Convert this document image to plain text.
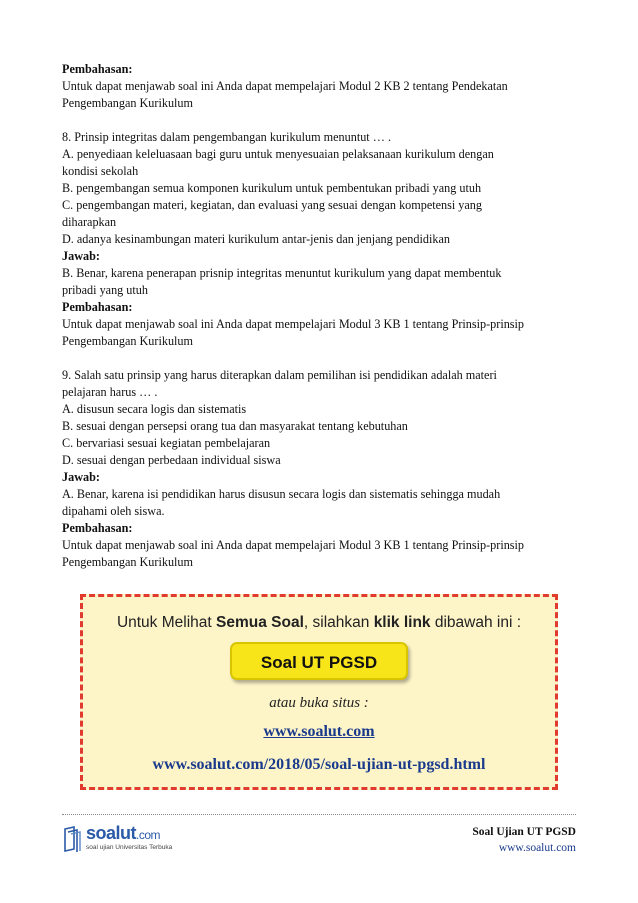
Pembahasan:

Untuk dapat menjawab soal ini Anda dapat mempelajari Modul 2 KB 2 tentang Pendekatan

Pengembangan Kurikulum

8. Prinsip integritas dalam pengembangan kurikulum menuntut … .

A. penyediaan keleluasaan bagi guru untuk menyesuaian pelaksanaan kurikulum dengan

kondisi sekolah

B. pengembangan semua komponen kurikulum untuk pembentukan pribadi yang utuh

C. pengembangan materi, kegiatan, dan evaluasi yang sesuai dengan kompetensi yang

diharapkan

D. adanya kesinambungan materi kurikulum antar-jenis dan jenjang pendidikan

Jawab:

B. Benar, karena penerapan prisnip integritas menuntut kurikulum yang dapat membentuk

pribadi yang utuh

Pembahasan:

Untuk dapat menjawab soal ini Anda dapat mempelajari Modul 3 KB 1 tentang Prinsip-prinsip

Pengembangan Kurikulum

9. Salah satu prinsip yang harus diterapkan dalam pemilihan isi pendidikan adalah materi

pelajaran harus … .

A. disusun secara logis dan sistematis

B. sesuai dengan persepsi orang tua dan masyarakat tentang kebutuhan

C. bervariasi sesuai kegiatan pembelajaran

D. sesuai dengan perbedaan individual siswa

Jawab:

A. Benar, karena isi pendidikan harus disusun secara logis dan sistematis sehingga mudah

dipahami oleh siswa.

Pembahasan:

Untuk dapat menjawab soal ini Anda dapat mempelajari Modul 3 KB 1 tentang Prinsip-prinsip

Pengembangan Kurikulum

Untuk Melihat Semua Soal, silahkan klik link dibawah ini :
Soal UT PGSD
atau buka situs :
www.soalut.com
www.soalut.com/2018/05/soal-ujian-ut-pgsd.html
soalut.com
soal ujian Universitas Terbuka
Soal Ujian UT PGSD
www.soalut.com
